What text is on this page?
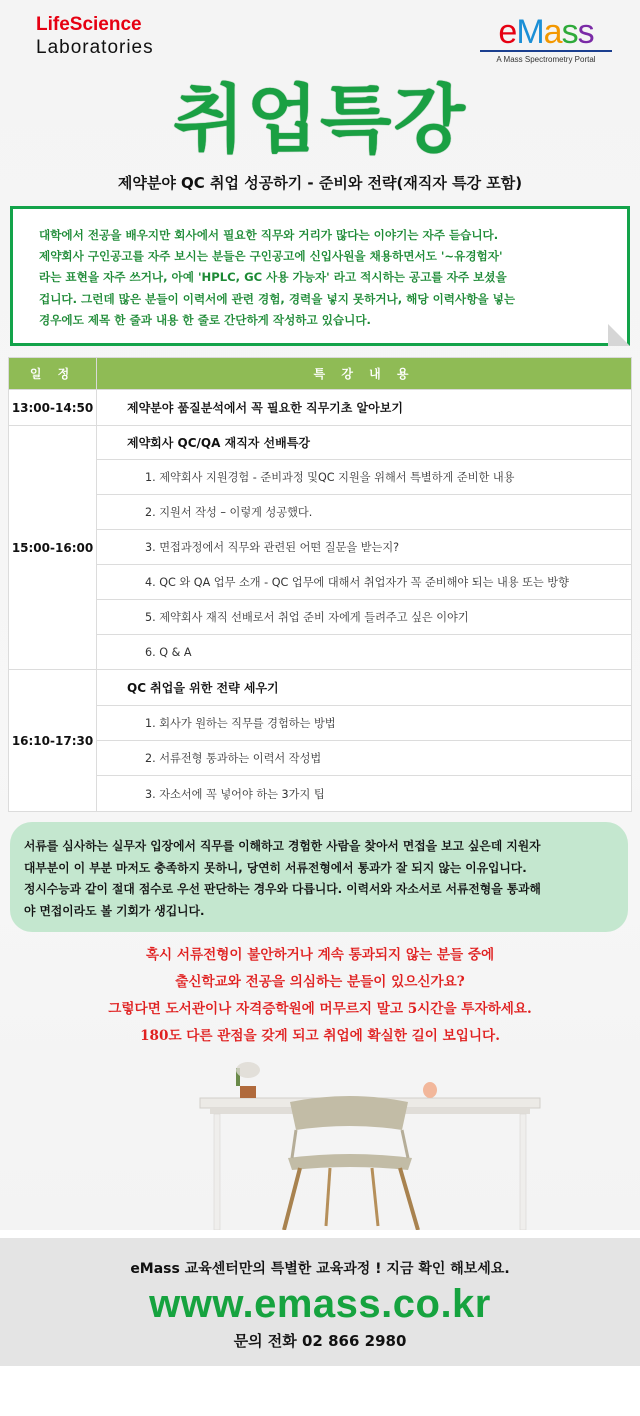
LifeScience
Laboratories	eMass
A Mass Spectrometry Portal
취업특강
제약분야 QC 취업 성공하기 - 준비와 전략(재직자 특강 포함)
대학에서 전공을 배우지만 회사에서 필요한 직무와 거리가 많다는 이야기는 자주 듣습니다.
제약회사 구인공고를 자주 보시는 분들은 구인공고에 신입사원을 채용하면서도 '~유경험자'
라는 표현을 자주 쓰거나, 아예 'HPLC, GC 사용 가능자' 라고 적시하는 공고를 자주 보셨을
겁니다. 그런데 많은 분들이 이력서에 관련 경험, 경력을 넣지 못하거나, 해당 이력사항을 넣는
경우에도 제목 한 줄과 내용 한 줄로 간단하게 작성하고 있습니다.
일 정	특 강 내 용
13:00-14:50	제약분야 품질분석에서 꼭 필요한 직무기초 알아보기
15:00-16:00	제약회사 QC/QA 재직자 선배특강
	1. 제약회사 지원경험 - 준비과정 및QC 지원을 위해서 특별하게 준비한 내용
	2. 지원서 작성 – 이렇게 성공했다.
	3. 면접과정에서 직무와 관련된 어떤 질문을 받는지?
	4. QC 와 QA 업무 소개 - QC 업무에 대해서 취업자가 꼭 준비해야 되는 내용 또는 방향
	5. 제약회사 재직 선배로서 취업 준비 자에게 들려주고 싶은 이야기
	6. Q & A
16:10-17:30	QC 취업을 위한 전략 세우기
	1. 회사가 원하는 직무를 경험하는 방법
	2. 서류전형 통과하는 이력서 작성법
	3. 자소서에 꼭 넣어야 하는 3가지 팁
서류를 심사하는 실무자 입장에서 직무를 이해하고 경험한 사람을 찾아서 면접을 보고 싶은데 지원자
대부분이 이 부분 마저도 충족하지 못하니, 당연히 서류전형에서 통과가 잘 되지 않는 이유입니다.
정시수능과 같이 절대 점수로 우선 판단하는 경우와 다릅니다. 이력서와 자소서로 서류전형을 통과해
야 면접이라도 볼 기회가 생깁니다.
혹시 서류전형이 불안하거나 계속 통과되지 않는 분들 중에
출신학교와 전공을 의심하는 분들이 있으신가요?
그렇다면 도서관이나 자격증학원에 머무르지 말고 5시간을 투자하세요.
180도 다른 관점을 갖게 되고 취업에 확실한 길이 보입니다.
eMass 교육센터만의 특별한 교육과정 ! 지금 확인 해보세요.
www.emass.co.kr
문의 전화 02 866 2980
